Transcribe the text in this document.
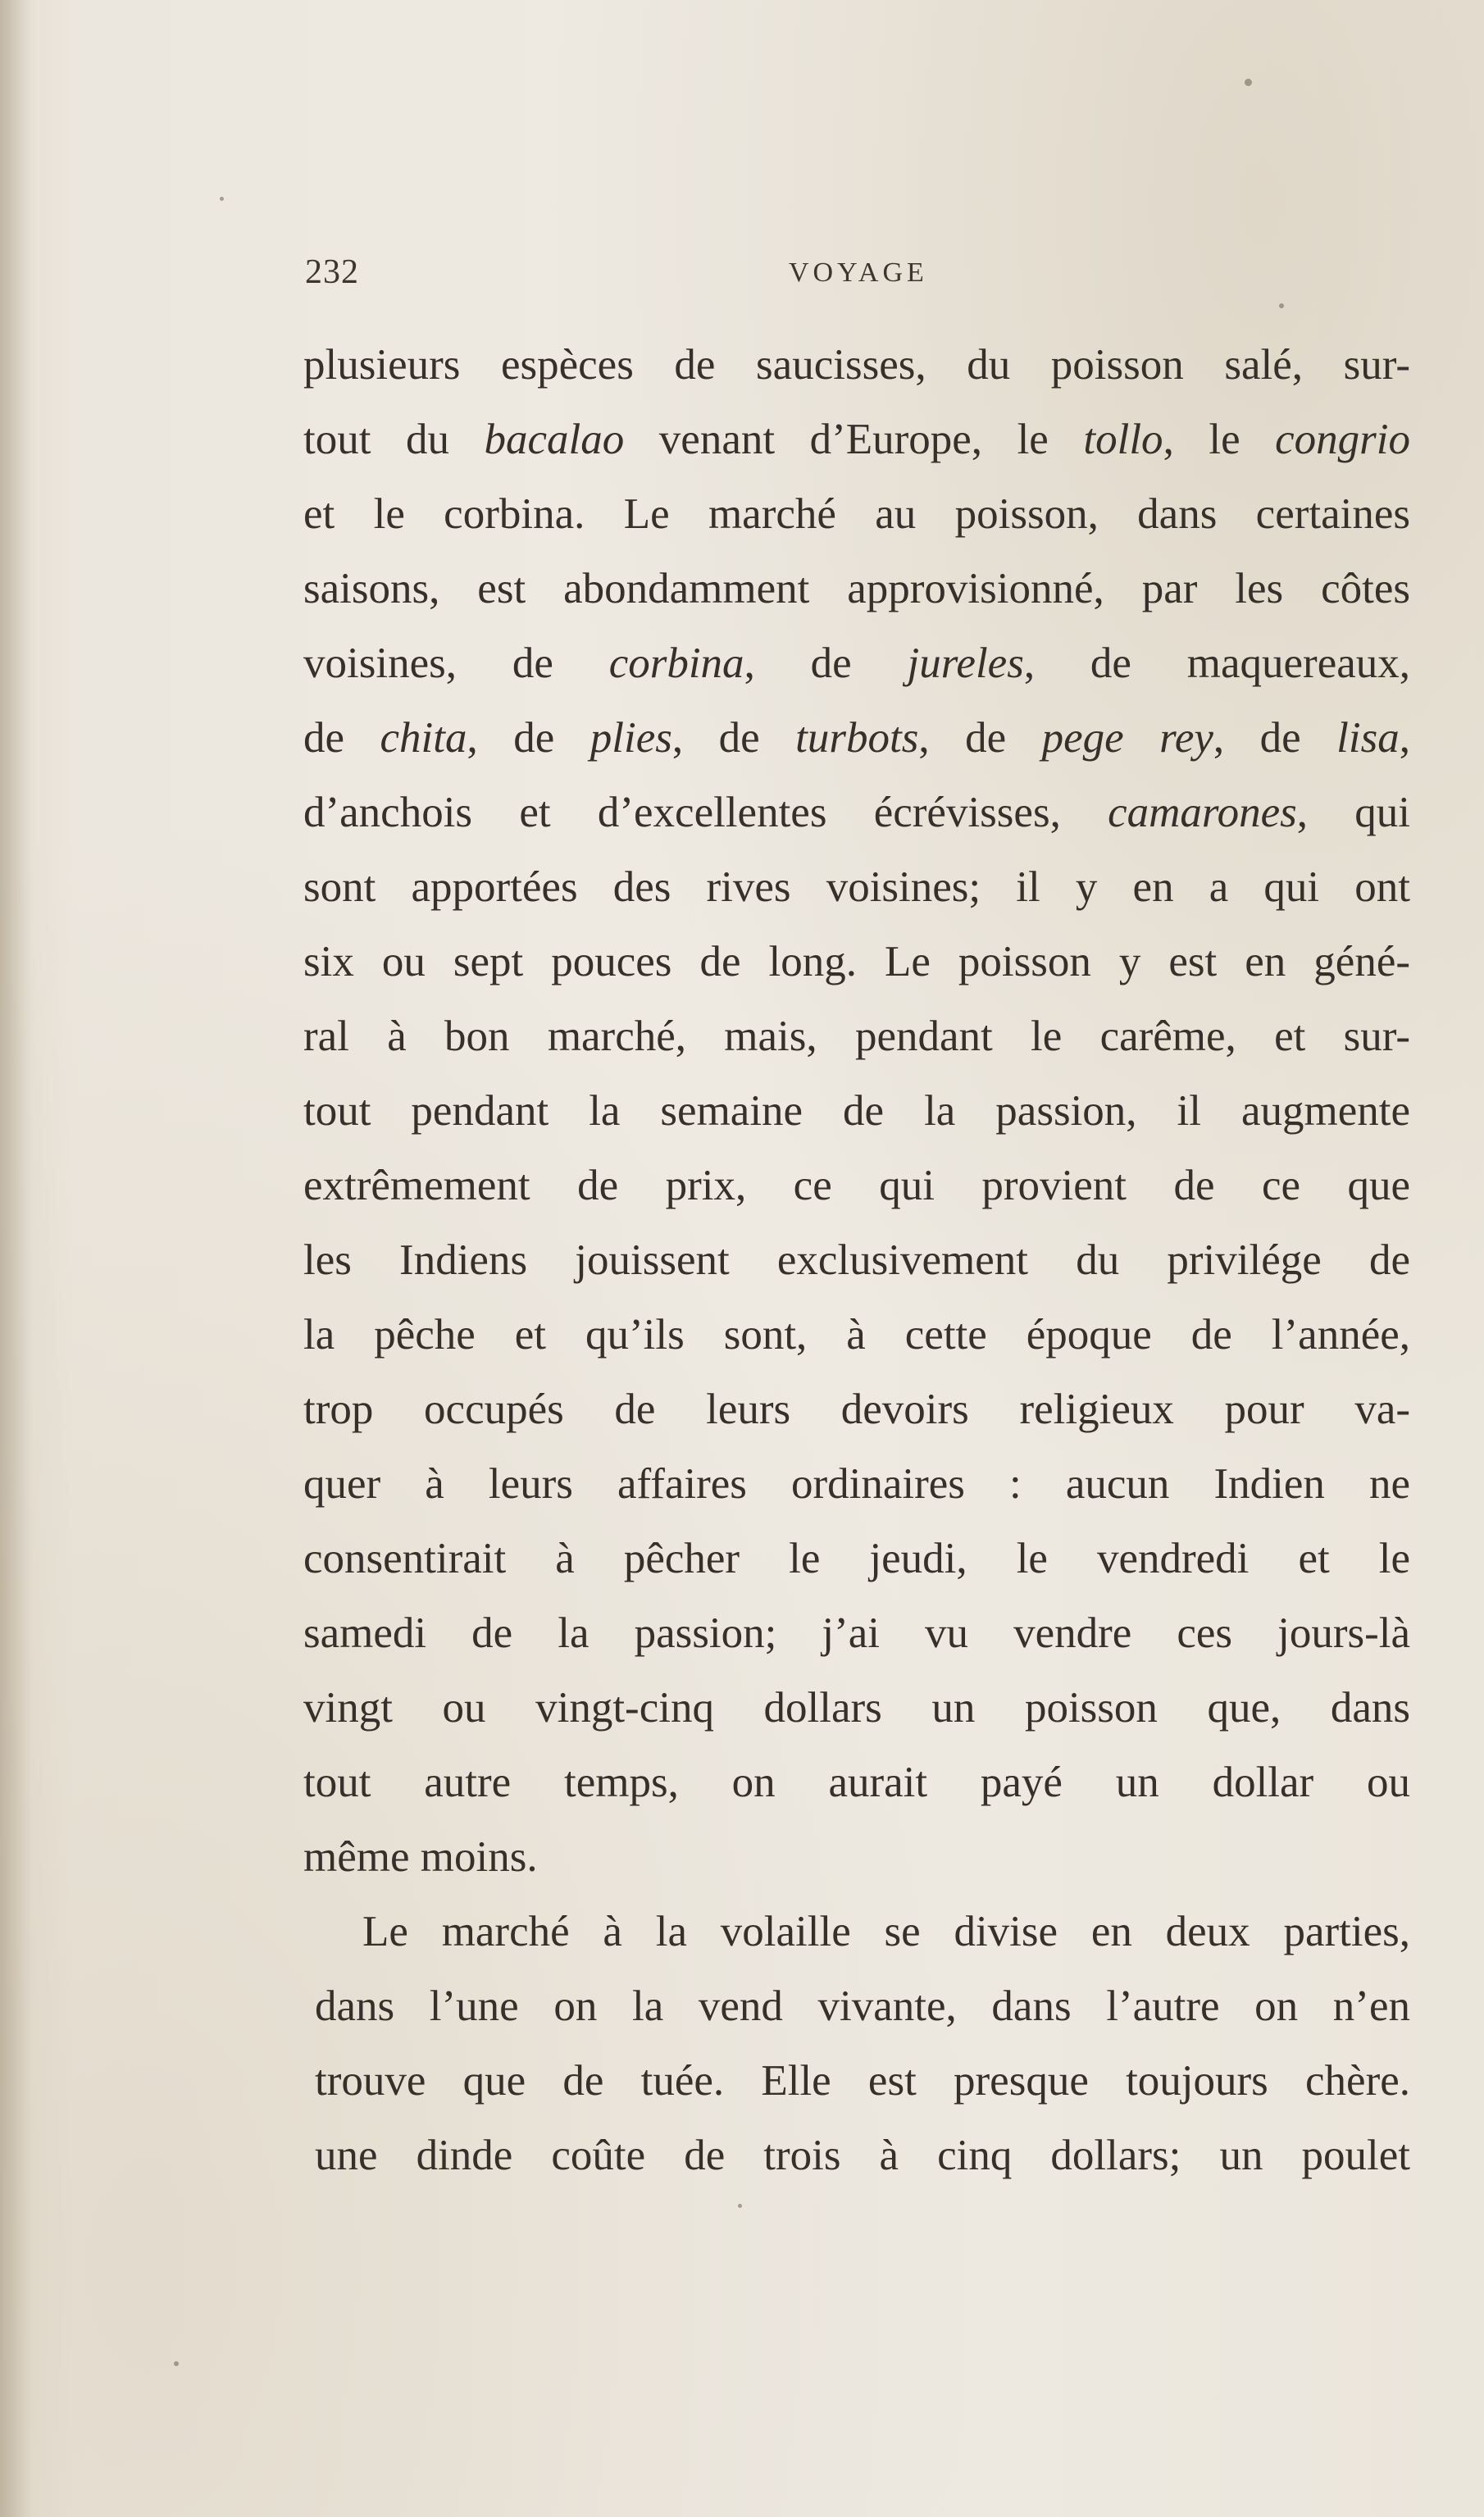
232	VOYAGE
plusieurs espèces de saucisses, du poisson salé, sur-
tout du bacalao venant d’Europe, le tollo, le congrio
et le corbina. Le marché au poisson, dans certaines
saisons, est abondamment approvisionné, par les côtes
voisines, de corbina, de jureles, de maquereaux,
de chita, de plies, de turbots, de pege rey, de lisa,
d’anchois et d’excellentes écrévisses, camarones, qui
sont apportées des rives voisines; il y en a qui ont
six ou sept pouces de long. Le poisson y est en géné-
ral à bon marché, mais, pendant le carême, et sur-
tout pendant la semaine de la passion, il augmente
extrêmement de prix, ce qui provient de ce que
les Indiens jouissent exclusivement du privilége de
la pêche et qu’ils sont, à cette époque de l’année,
trop occupés de leurs devoirs religieux pour va-
quer à leurs affaires ordinaires : aucun Indien ne
consentirait à pêcher le jeudi, le vendredi et le
samedi de la passion; j’ai vu vendre ces jours-là
vingt ou vingt-cinq dollars un poisson que, dans
tout autre temps, on aurait payé un dollar ou
même moins.
Le marché à la volaille se divise en deux parties,
dans l’une on la vend vivante, dans l’autre on n’en
trouve que de tuée. Elle est presque toujours chère.
une dinde coûte de trois à cinq dollars; un poulet
